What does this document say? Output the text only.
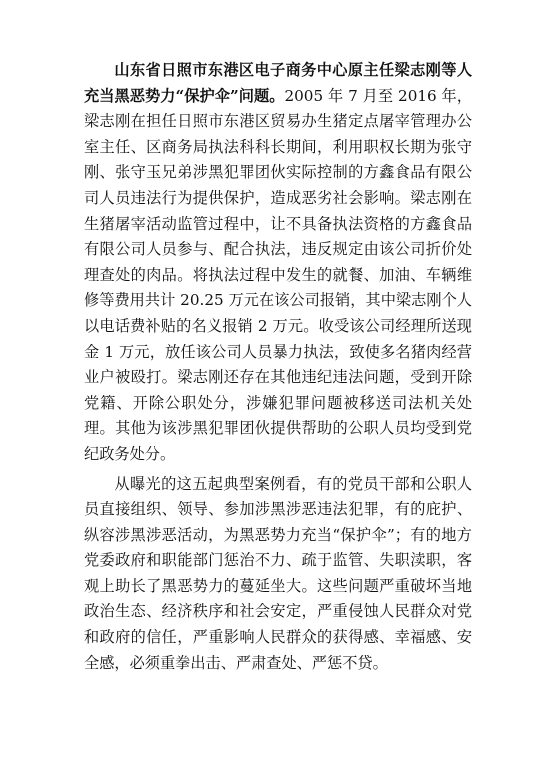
山东省日照市东港区电子商务中心原主任梁志刚等人充当黑恶势力“保护伞”问题。2005 年 7 月至 2016 年，梁志刚在担任日照市东港区贸易办生猪定点屠宰管理办公室主任、区商务局执法科科长期间，利用职权长期为张守刚、张守玉兄弟涉黑犯罪团伙实际控制的方鑫食品有限公司人员违法行为提供保护，造成恶劣社会影响。梁志刚在生猪屠宰活动监管过程中，让不具备执法资格的方鑫食品有限公司人员参与、配合执法，违反规定由该公司折价处理查处的肉品。将执法过程中发生的就餐、加油、车辆维修等费用共计 20.25 万元在该公司报销，其中梁志刚个人以电话费补贴的名义报销 2 万元。收受该公司经理所送现金 1 万元，放任该公司人员暴力执法，致使多名猪肉经营业户被殴打。梁志刚还存在其他违纪违法问题，受到开除党籍、开除公职处分，涉嫌犯罪问题被移送司法机关处理。其他为该涉黑犯罪团伙提供帮助的公职人员均受到党纪政务处分。

从曝光的这五起典型案例看，有的党员干部和公职人员直接组织、领导、参加涉黑涉恶违法犯罪，有的庇护、纵容涉黑涉恶活动，为黑恶势力充当“保护伞”；有的地方党委政府和职能部门惩治不力、疏于监管、失职渎职，客观上助长了黑恶势力的蔓延坐大。这些问题严重破坏当地政治生态、经济秩序和社会安定，严重侵蚀人民群众对党和政府的信任，严重影响人民群众的获得感、幸福感、安全感，必须重拳出击、严肃查处、严惩不贷。
